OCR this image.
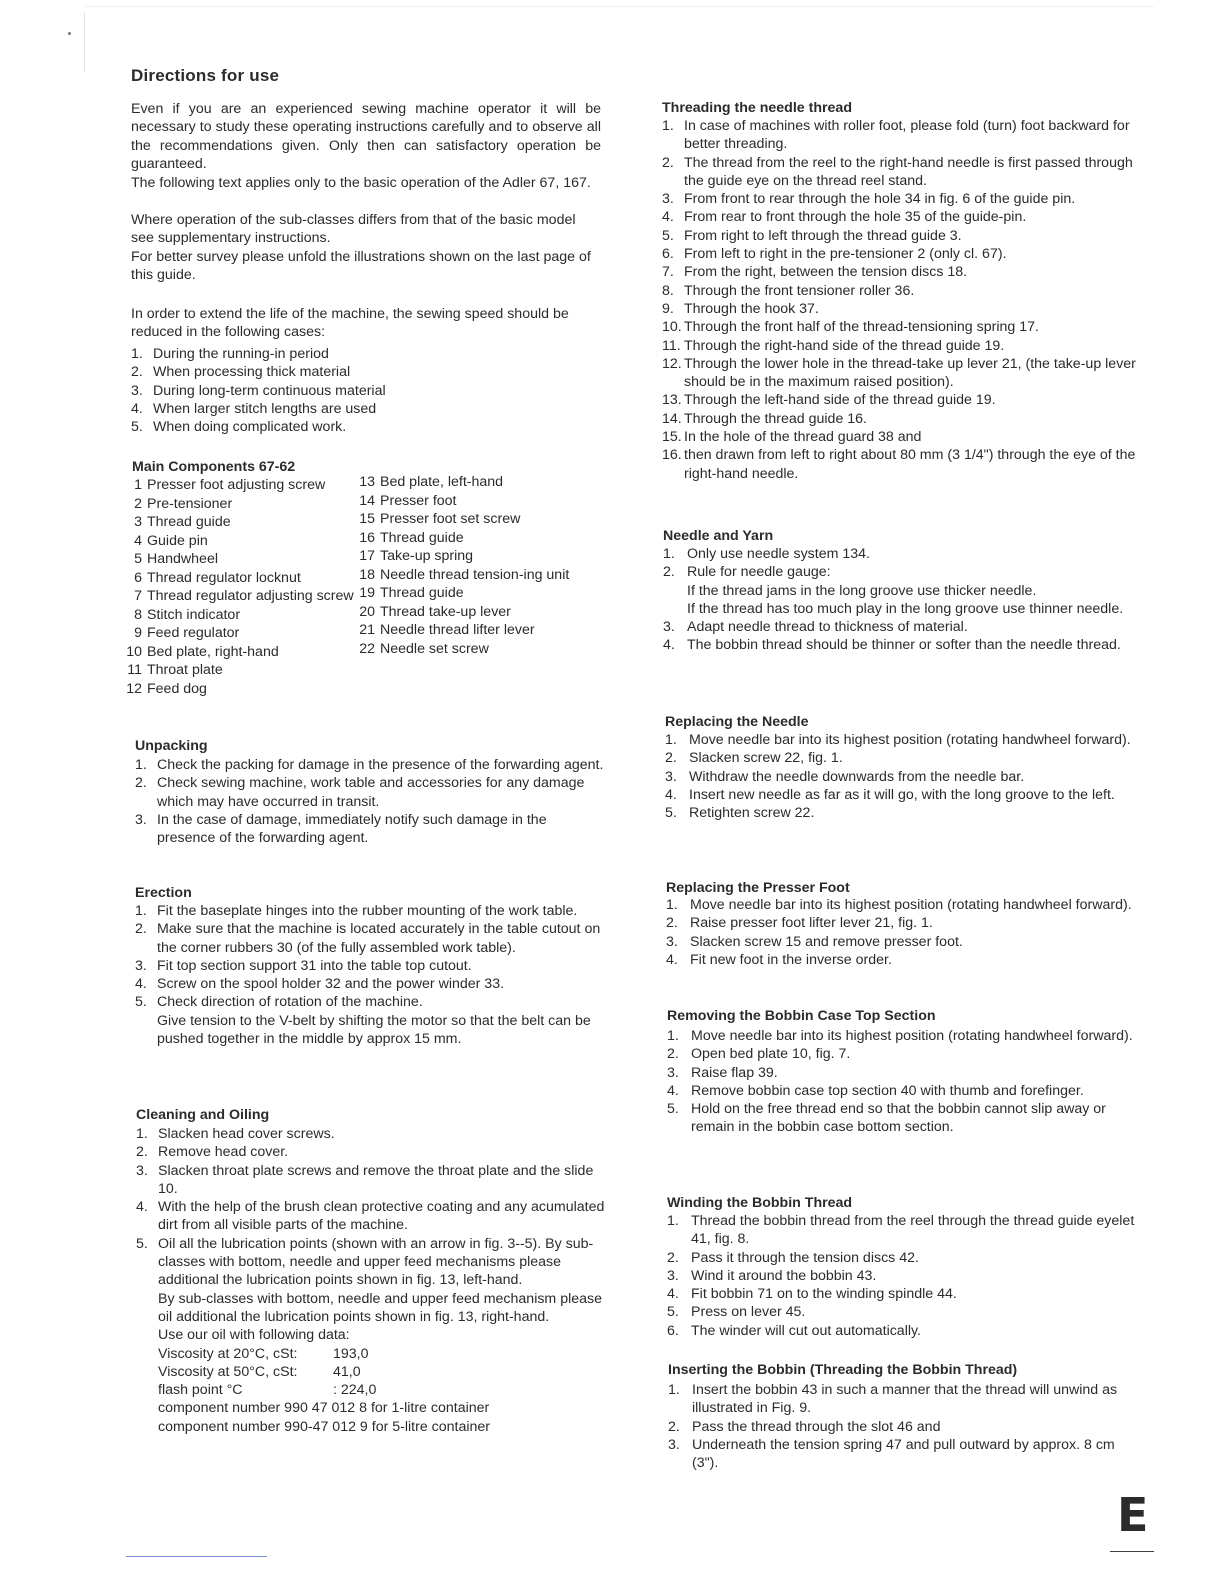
Directions for use

Even if you are an experienced sewing machine operator it will be necessary to study these operating instructions carefully and to observe all the recommendations given. Only then can satisfactory operation be guaranteed.

The following text applies only to the basic operation of the Adler 67, 167.

Where operation of the sub-classes differs from that of the basic model see supplementary instructions.

For better survey please unfold the illustrations shown on the last page of this guide.

In order to extend the life of the machine, the sewing speed should be reduced in the following cases:

1. During the running-in period
2. When processing thick material
3. During long-term continuous material
4. When larger stitch lengths are used
5. When doing complicated work.
Main Components 67-62
1 Presser foot adjusting screw
2 Pre-tensioner
3 Thread guide
4 Guide pin
5 Handwheel
6 Thread regulator locknut
7 Thread regulator adjusting screw
8 Stitch indicator
9 Feed regulator
10 Bed plate, right-hand
11 Throat plate
12 Feed dog
13 Bed plate, left-hand
14 Presser foot
15 Presser foot set screw
16 Thread guide
17 Take-up spring
18 Needle thread tension-ing unit
19 Thread guide
20 Thread take-up lever
21 Needle thread lifter lever
22 Needle set screw
Unpacking
1. Check the packing for damage in the presence of the forwarding agent.
2. Check sewing machine, work table and accessories for any damage which may have occurred in transit.
3. In the case of damage, immediately notify such damage in the presence of the forwarding agent.
Erection
1. Fit the baseplate hinges into the rubber mounting of the work table.
2. Make sure that the machine is located accurately in the table cutout on the corner rubbers 30 (of the fully assembled work table).
3. Fit top section support 31 into the table top cutout.
4. Screw on the spool holder 32 and the power winder 33.
5. Check direction of rotation of the machine.
Give tension to the V-belt by shifting the motor so that the belt can be pushed together in the middle by approx 15 mm.
Cleaning and Oiling
1. Slacken head cover screws.
2. Remove head cover.
3. Slacken throat plate screws and remove the throat plate and the slide 10.
4. With the help of the brush clean protective coating and any acumulated dirt from all visible parts of the machine.
5. Oil all the lubrication points (shown with an arrow in fig. 3--5). By sub-classes with bottom, needle and upper feed mechanisms please additional the lubrication points shown in fig. 13, left-hand.
By sub-classes with bottom, needle and upper feed mechanism please oil additional the lubrication points shown in fig. 13, right-hand.
Use our oil with following data:
Viscosity at 20°C, cSt:	193,0
Viscosity at 50°C, cSt:	41,0
flash point °C	: 224,0
component number 990 47 012 8 for 1-litre container
component number 990-47 012 9 for 5-litre container
Threading the needle thread
1. In case of machines with roller foot, please fold (turn) foot backward for better threading.
2. The thread from the reel to the right-hand needle is first passed through the guide eye on the thread reel stand.
3. From front to rear through the hole 34 in fig. 6 of the guide pin.
4. From rear to front through the hole 35 of the guide-pin.
5. From right to left through the thread guide 3.
6. From left to right in the pre-tensioner 2 (only cl. 67).
7. From the right, between the tension discs 18.
8. Through the front tensioner roller 36.
9. Through the hook 37.
10. Through the front half of the thread-tensioning spring 17.
11. Through the right-hand side of the thread guide 19.
12. Through the lower hole in the thread-take up lever 21, (the take-up lever should be in the maximum raised position).
13. Through the left-hand side of the thread guide 19.
14. Through the thread guide 16.
15. In the hole of the thread guard 38 and
16. then drawn from left to right about 80 mm (3 1/4") through the eye of the right-hand needle.
Needle and Yarn
1. Only use needle system 134.
2. Rule for needle gauge:
If the thread jams in the long groove use thicker needle.
If the thread has too much play in the long groove use thinner needle.
3. Adapt needle thread to thickness of material.
4. The bobbin thread should be thinner or softer than the needle thread.
Replacing the Needle
1. Move needle bar into its highest position (rotating handwheel forward).
2. Slacken screw 22, fig. 1.
3. Withdraw the needle downwards from the needle bar.
4. Insert new needle as far as it will go, with the long groove to the left.
5. Retighten screw 22.
Replacing the Presser Foot
1. Move needle bar into its highest position (rotating handwheel forward).
2. Raise presser foot lifter lever 21, fig. 1.
3. Slacken screw 15 and remove presser foot.
4. Fit new foot in the inverse order.
Removing the Bobbin Case Top Section
1. Move needle bar into its highest position (rotating handwheel forward).
2. Open bed plate 10, fig. 7.
3. Raise flap 39.
4. Remove bobbin case top section 40 with thumb and forefinger.
5. Hold on the free thread end so that the bobbin cannot slip away or remain in the bobbin case bottom section.
Winding the Bobbin Thread
1. Thread the bobbin thread from the reel through the thread guide eyelet 41, fig. 8.
2. Pass it through the tension discs 42.
3. Wind it around the bobbin 43.
4. Fit bobbin 71 on to the winding spindle 44.
5. Press on lever 45.
6. The winder will cut out automatically.
Inserting the Bobbin (Threading the Bobbin Thread)
1. Insert the bobbin 43 in such a manner that the thread will unwind as illustrated in Fig. 9.
2. Pass the thread through the slot 46 and
3. Underneath the tension spring 47 and pull outward by approx. 8 cm (3").
E
